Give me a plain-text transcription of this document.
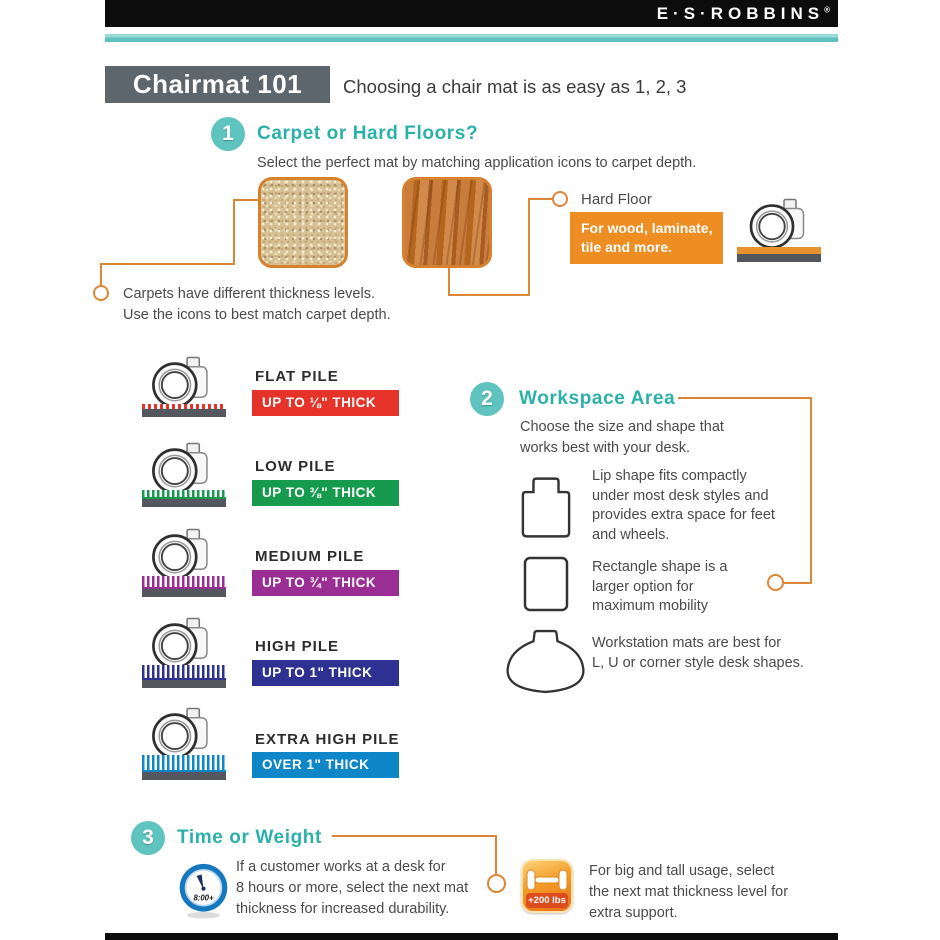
E·S·ROBBINS®
Chairmat 101	Choosing a chair mat is as easy as 1, 2, 3
1	Carpet or Hard Floors?
Select the perfect mat by matching application icons to carpet depth.
Carpets have different thickness levels.
Use the icons to best match carpet depth.
Hard Floor
For wood, laminate,
tile and more.
FLAT PILE
UP TO ⅛" THICK
LOW PILE
UP TO ⅜" THICK
MEDIUM PILE
UP TO ¾" THICK
HIGH PILE
UP TO 1" THICK
EXTRA HIGH PILE
OVER 1" THICK
2	Workspace Area
Choose the size and shape that
works best with your desk.
Lip shape fits compactly
under most desk styles and
provides extra space for feet
and wheels.
Rectangle shape is a
larger option for
maximum mobility
Workstation mats are best for
L, U or corner style desk shapes.
3	Time or Weight
8:00+
If a customer works at a desk for
8 hours or more, select the next mat
thickness for increased durability.
+200 lbs
For big and tall usage, select
the next mat thickness level for
extra support.
